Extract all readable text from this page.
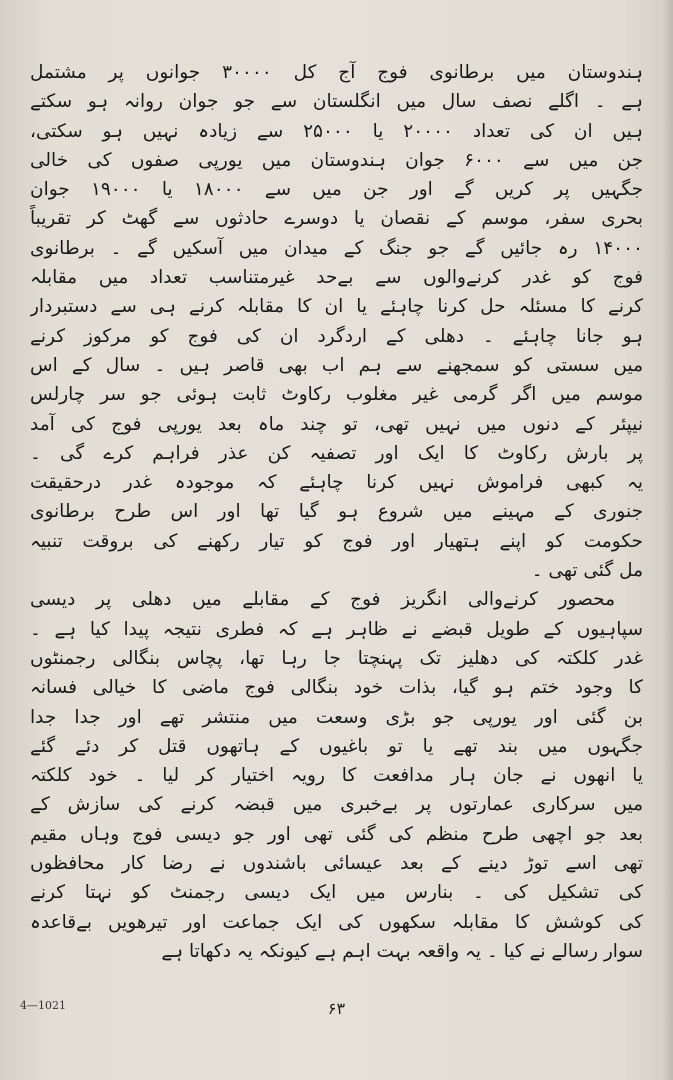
ہندوستان میں برطانوی فوج آج کل ۳۰۰۰۰ جوانوں پر مشتمل
ہے ۔ اگلے نصف سال میں انگلستان سے جو جوان روانہ ہو سکتے
ہیں ان کی تعداد ۲۰۰۰۰ یا ۲۵۰۰۰ سے زیادہ نہیں ہو سکتی،
جن میں سے ۶۰۰۰ جوان ہندوستان میں یورپی صفوں کی خالی
جگہیں پر کریں گے اور جن میں سے ۱۸۰۰۰ یا ۱۹۰۰۰ جوان
بحری سفر، موسم کے نقصان یا دوسرے حادثوں سے گھٹ کر تقریباً
۱۴۰۰۰ رہ جائیں گے جو جنگ کے میدان میں آسکیں گے ۔ برطانوی
فوج کو غدر کرنےوالوں سے بےحد غیرمتناسب تعداد میں مقابلہ
کرنے کا مسئلہ حل کرنا چاہئے یا ان کا مقابلہ کرنے ہی سے دستبردار
ہو جانا چاہئے ۔ دھلی کے اردگرد ان کی فوج کو مرکوز کرنے
میں سستی کو سمجھنے سے ہم اب بھی قاصر ہیں ۔ سال کے اس
موسم میں اگر گرمی غیر مغلوب رکاوٹ ثابت ہوئی جو سر چارلس
نیپئر کے دنوں میں نہیں تھی، تو چند ماہ بعد یورپی فوج کی آمد
پر بارش رکاوٹ کا ایک اور تصفیہ کن عذر فراہم کرے گی ۔
یہ کبھی فراموش نہیں کرنا چاہئے کہ موجودہ غدر درحقیقت
جنوری کے مہینے میں شروع ہو گیا تھا اور اس طرح برطانوی
حکومت کو اپنے ہتھیار اور فوج کو تیار رکھنے کی بروقت تنبیہ
مل گئی تھی ۔

محصور کرنےوالی انگریز فوج کے مقابلے میں دھلی پر دیسی
سپاہیوں کے طویل قبضے نے ظاہر ہے کہ فطری نتیجہ پیدا کیا ہے ۔
غدر کلکتہ کی دھلیز تک پہنچتا جا رہا تھا، پچاس بنگالی رجمنٹوں
کا وجود ختم ہو گیا، بذات خود بنگالی فوج ماضی کا خیالی فسانہ
بن گئی اور یورپی جو بڑی وسعت میں منتشر تھے اور جدا جدا
جگہوں میں بند تھے یا تو باغیوں کے ہاتھوں قتل کر دئے گئے
یا انھوں نے جان ہار مدافعت کا رویہ اختیار کر لیا ۔ خود کلکتہ
میں سرکاری عمارتوں پر بےخبری میں قبضہ کرنے کی سازش کے
بعد جو اچھی طرح منظم کی گئی تھی اور جو دیسی فوج وہاں مقیم
تھی اسے توڑ دینے کے بعد عیسائی باشندوں نے رضا کار محافظوں
کی تشکیل کی ۔ بنارس میں ایک دیسی رجمنٹ کو نہتا کرنے
کی کوشش کا مقابلہ سکھوں کی ایک جماعت اور تیرھویں بےقاعدہ
سوار رسالے نے کیا ۔ یہ واقعہ بہت اہم ہے کیونکہ یہ دکھاتا ہے

4—1021	۶۳
